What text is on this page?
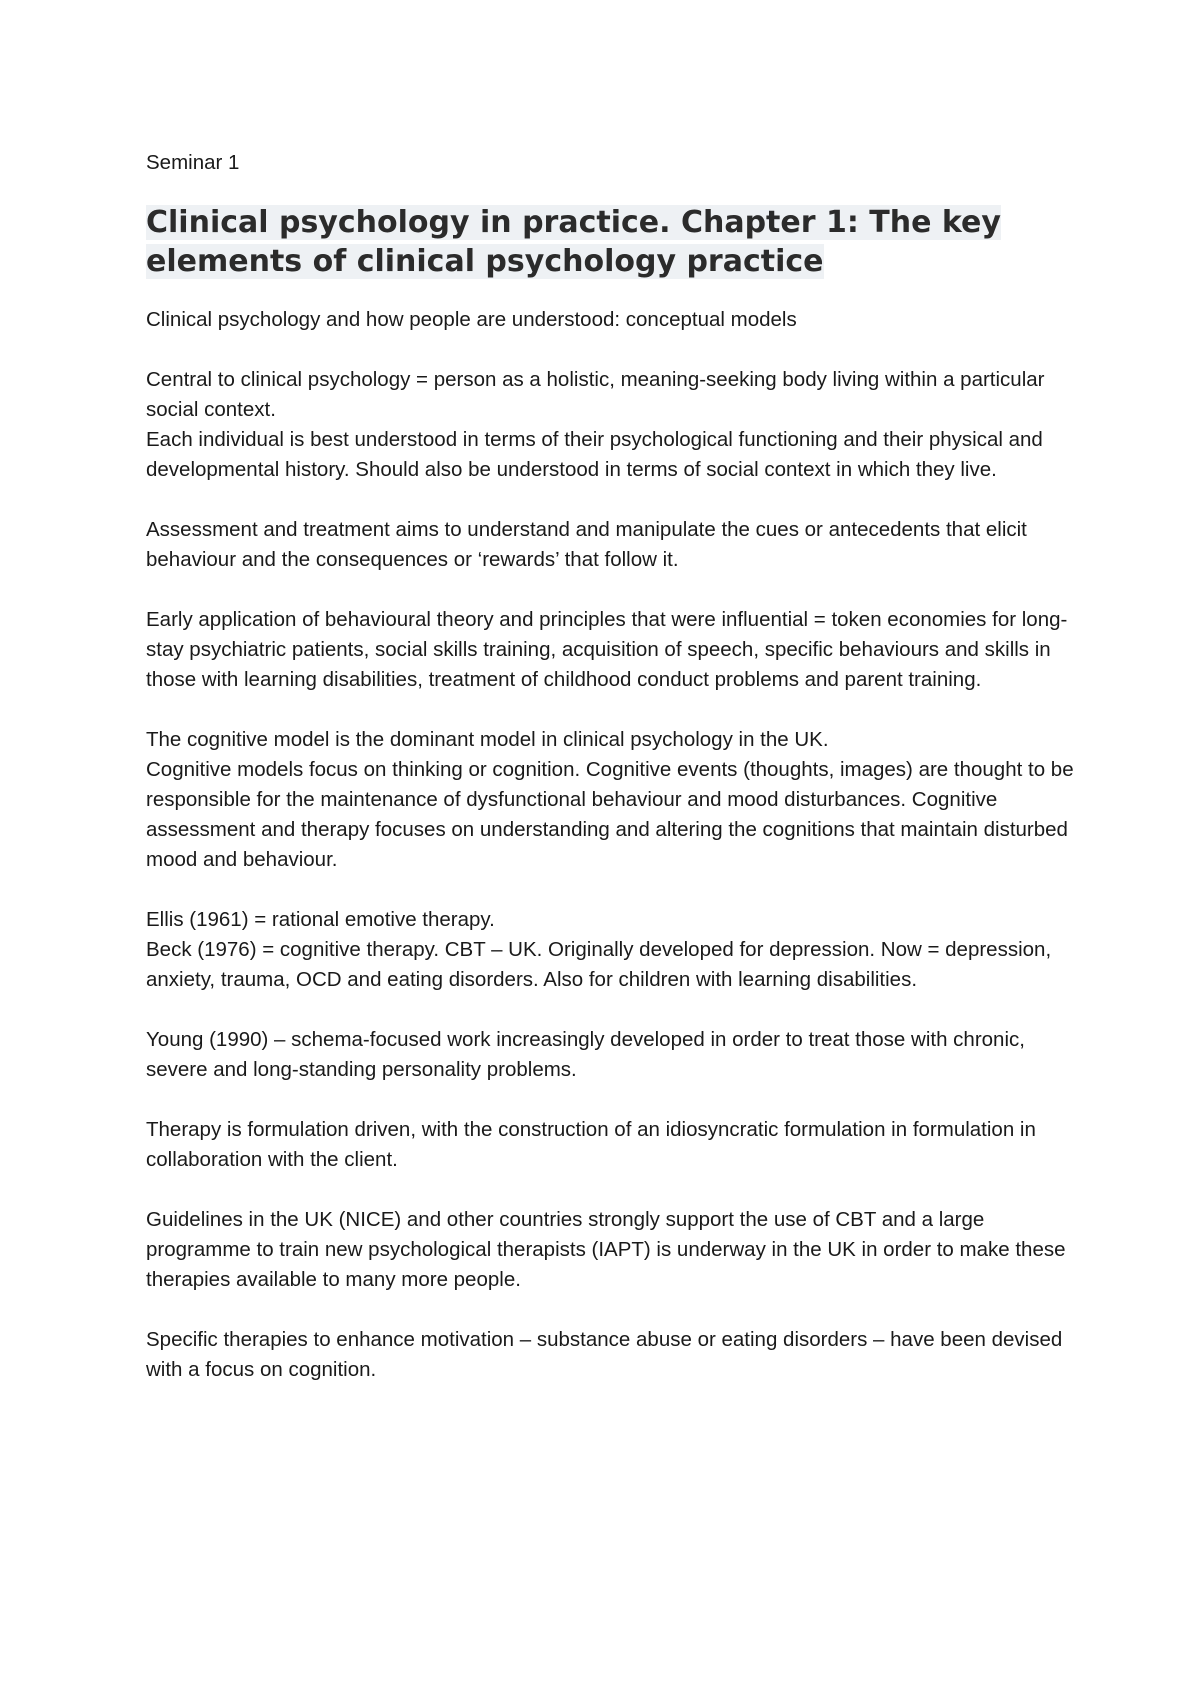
Seminar 1
Clinical psychology in practice. Chapter 1: The key elements of clinical psychology practice

Clinical psychology and how people are understood: conceptual models

Central to clinical psychology = person as a holistic, meaning-seeking body living within a particular social context.

Each individual is best understood in terms of their psychological functioning and their physical and developmental history. Should also be understood in terms of social context in which they live.

Assessment and treatment aims to understand and manipulate the cues or antecedents that elicit behaviour and the consequences or ‘rewards’ that follow it.

Early application of behavioural theory and principles that were influential = token economies for long-stay psychiatric patients, social skills training, acquisition of speech, specific behaviours and skills in those with learning disabilities, treatment of childhood conduct problems and parent training.

The cognitive model is the dominant model in clinical psychology in the UK.

Cognitive models focus on thinking or cognition. Cognitive events (thoughts, images) are thought to be responsible for the maintenance of dysfunctional behaviour and mood disturbances. Cognitive assessment and therapy focuses on understanding and altering the cognitions that maintain disturbed mood and behaviour.

Ellis (1961) = rational emotive therapy.

Beck (1976) = cognitive therapy. CBT – UK. Originally developed for depression. Now = depression, anxiety, trauma, OCD and eating disorders. Also for children with learning disabilities.

Young (1990) – schema-focused work increasingly developed in order to treat those with chronic, severe and long-standing personality problems.

Therapy is formulation driven, with the construction of an idiosyncratic formulation in formulation in collaboration with the client.

Guidelines in the UK (NICE) and other countries strongly support the use of CBT and a large programme to train new psychological therapists (IAPT) is underway in the UK in order to make these therapies available to many more people.

Specific therapies to enhance motivation – substance abuse or eating disorders – have been devised with a focus on cognition.
